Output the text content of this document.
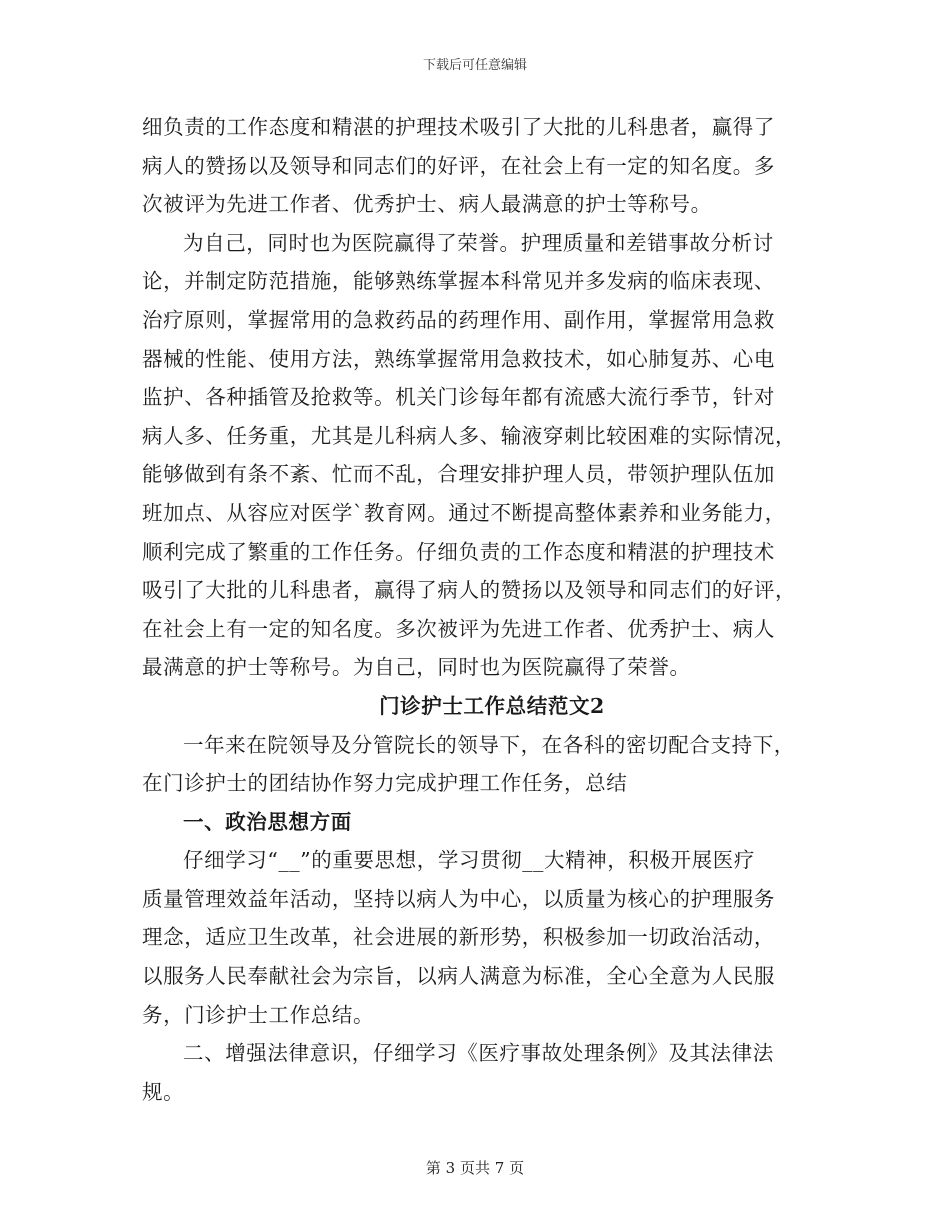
下载后可任意编辑
细负责的工作态度和精湛的护理技术吸引了大批的儿科患者，赢得了
病人的赞扬以及领导和同志们的好评，在社会上有一定的知名度。多
次被评为先进工作者、优秀护士、病人最满意的护士等称号。
为自己，同时也为医院赢得了荣誉。护理质量和差错事故分析讨
论，并制定防范措施，能够熟练掌握本科常见并多发病的临床表现、
治疗原则，掌握常用的急救药品的药理作用、副作用，掌握常用急救
器械的性能、使用方法，熟练掌握常用急救技术，如心肺复苏、心电
监护、各种插管及抢救等。机关门诊每年都有流感大流行季节，针对
病人多、任务重，尤其是儿科病人多、输液穿刺比较困难的实际情况，
能够做到有条不紊、忙而不乱，合理安排护理人员，带领护理队伍加
班加点、从容应对医学`教育网。通过不断提高整体素养和业务能力，
顺利完成了繁重的工作任务。仔细负责的工作态度和精湛的护理技术
吸引了大批的儿科患者，赢得了病人的赞扬以及领导和同志们的好评，
在社会上有一定的知名度。多次被评为先进工作者、优秀护士、病人
最满意的护士等称号。为自己，同时也为医院赢得了荣誉。
门诊护士工作总结范文2
一年来在院领导及分管院长的领导下，在各科的密切配合支持下，
在门诊护士的团结协作努力完成护理工作任务，总结
一、政治思想方面
仔细学习“__”的重要思想，学习贯彻__大精神，积极开展医疗
质量管理效益年活动，坚持以病人为中心，以质量为核心的护理服务
理念，适应卫生改革，社会进展的新形势，积极参加一切政治活动，
以服务人民奉献社会为宗旨，以病人满意为标准，全心全意为人民服
务，门诊护士工作总结。
二、增强法律意识，仔细学习《医疗事故处理条例》及其法律法
规。
第 3 页共 7 页
